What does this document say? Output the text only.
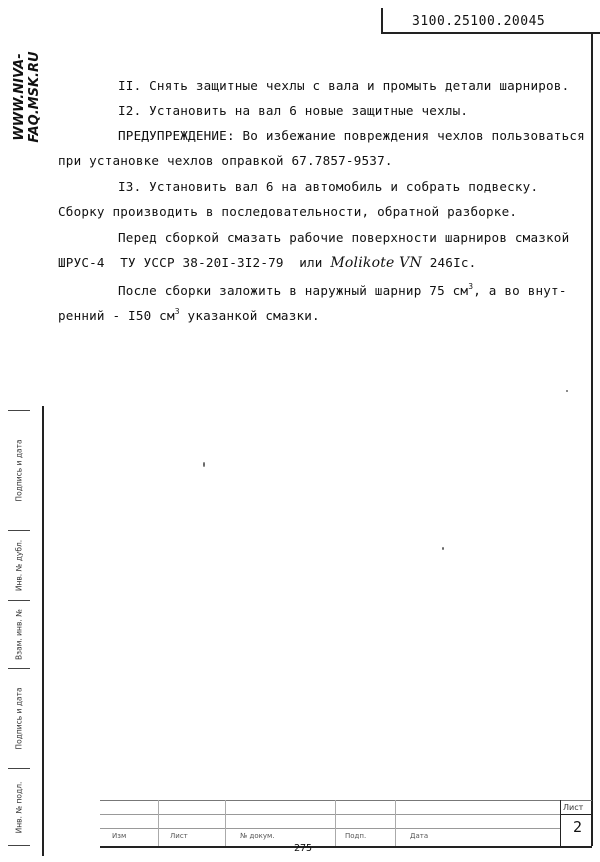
3100.25100.20045
WWW.NIVA-FAQ.MSK.RU	II. Снять защитные чехлы с вала и промыть детали шарниров.
I2. Установить на вал 6 новые защитные чехлы.
ПРЕДУПРЕЖДЕНИЕ: Во избежание повреждения чехлов пользоваться
при установке чехлов оправкой 67.7857-9537.
I3. Установить вал 6 на автомобиль и собрать подвеску.
Сборку производить в последовательности, обратной разборке.
Перед сборкой смазать рабочие поверхности шарниров смазкой
ШРУС-4  ТУ УССР 38-20I-3I2-79  или Molikote VN 246Iс.
После сборки заложить в наружный шарнир 75 $см^3$, а во внут-
ренний - I50 $см^3$ указанкой смазки.
Подпись и дата
Инв. № дубл.
Взам. инв. №
Подпись и дата
Инв. № подл.
Изм	Лист	№ докум.	Подп.	Дата
Лист
2
275
